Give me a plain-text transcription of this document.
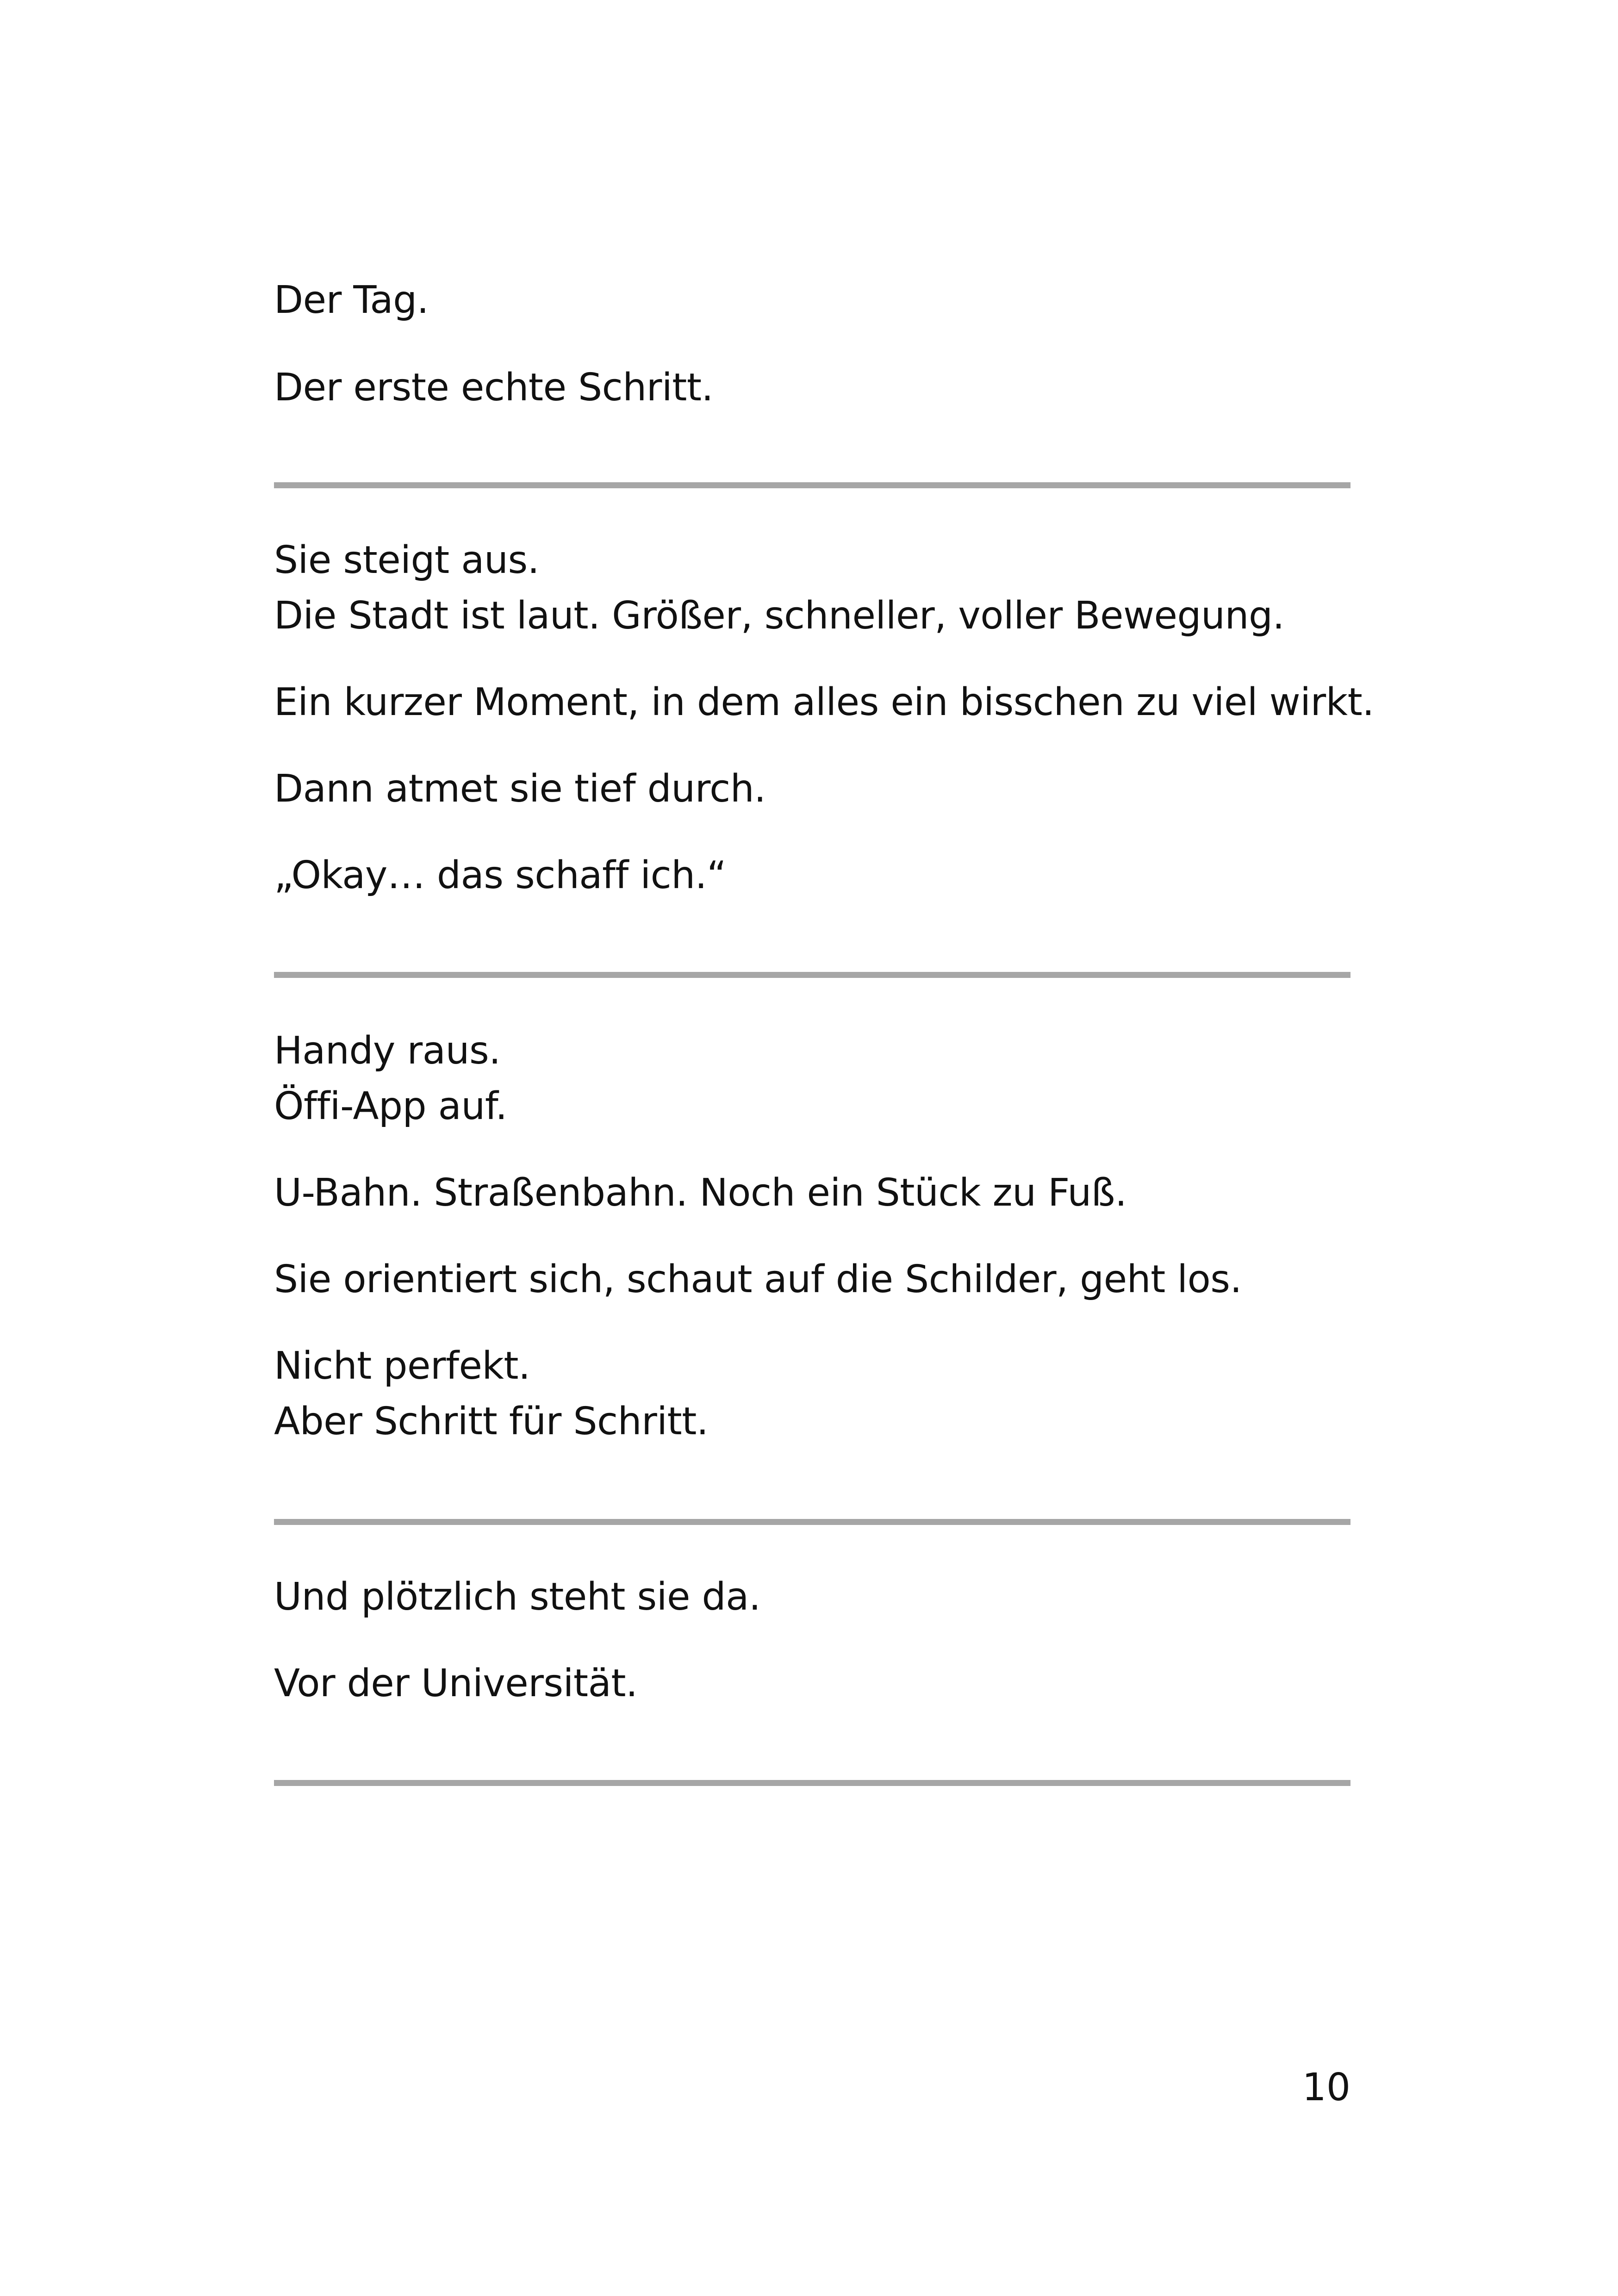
Der Tag.
Der erste echte Schritt.
Sie steigt aus.
Die Stadt ist laut. Größer, schneller, voller Bewegung.
Ein kurzer Moment, in dem alles ein bisschen zu viel wirkt.
Dann atmet sie tief durch.
„Okay… das schaff ich.“
Handy raus.
Öffi-App auf.
U-Bahn. Straßenbahn. Noch ein Stück zu Fuß.
Sie orientiert sich, schaut auf die Schilder, geht los.
Nicht perfekt.
Aber Schritt für Schritt.
Und plötzlich steht sie da.
Vor der Universität.
10
